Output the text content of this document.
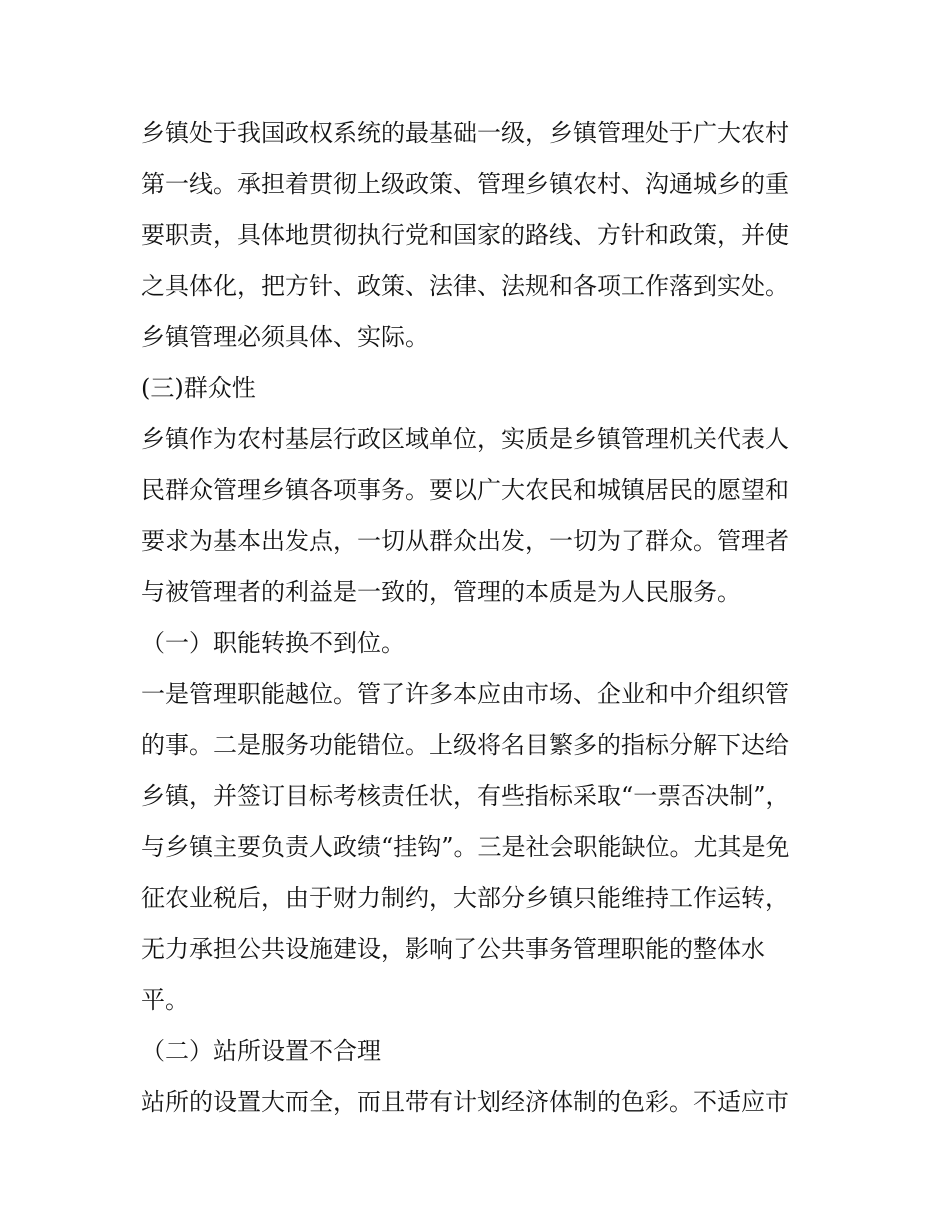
乡镇处于我国政权系统的最基础一级，乡镇管理处于广大农村
第一线。承担着贯彻上级政策、管理乡镇农村、沟通城乡的重
要职责，具体地贯彻执行党和国家的路线、方针和政策，并使
之具体化，把方针、政策、法律、法规和各项工作落到实处。
乡镇管理必须具体、实际。
(三)群众性
乡镇作为农村基层行政区域单位，实质是乡镇管理机关代表人
民群众管理乡镇各项事务。要以广大农民和城镇居民的愿望和
要求为基本出发点，一切从群众出发，一切为了群众。管理者
与被管理者的利益是一致的，管理的本质是为人民服务。
（一）职能转换不到位。
一是管理职能越位。管了许多本应由市场、企业和中介组织管
的事。二是服务功能错位。上级将名目繁多的指标分解下达给
乡镇，并签订目标考核责任状，有些指标采取“一票否决制”，
与乡镇主要负责人政绩“挂钩”。三是社会职能缺位。尤其是免
征农业税后，由于财力制约，大部分乡镇只能维持工作运转，
无力承担公共设施建设，影响了公共事务管理职能的整体水
平。
（二）站所设置不合理
站所的设置大而全，而且带有计划经济体制的色彩。不适应市
